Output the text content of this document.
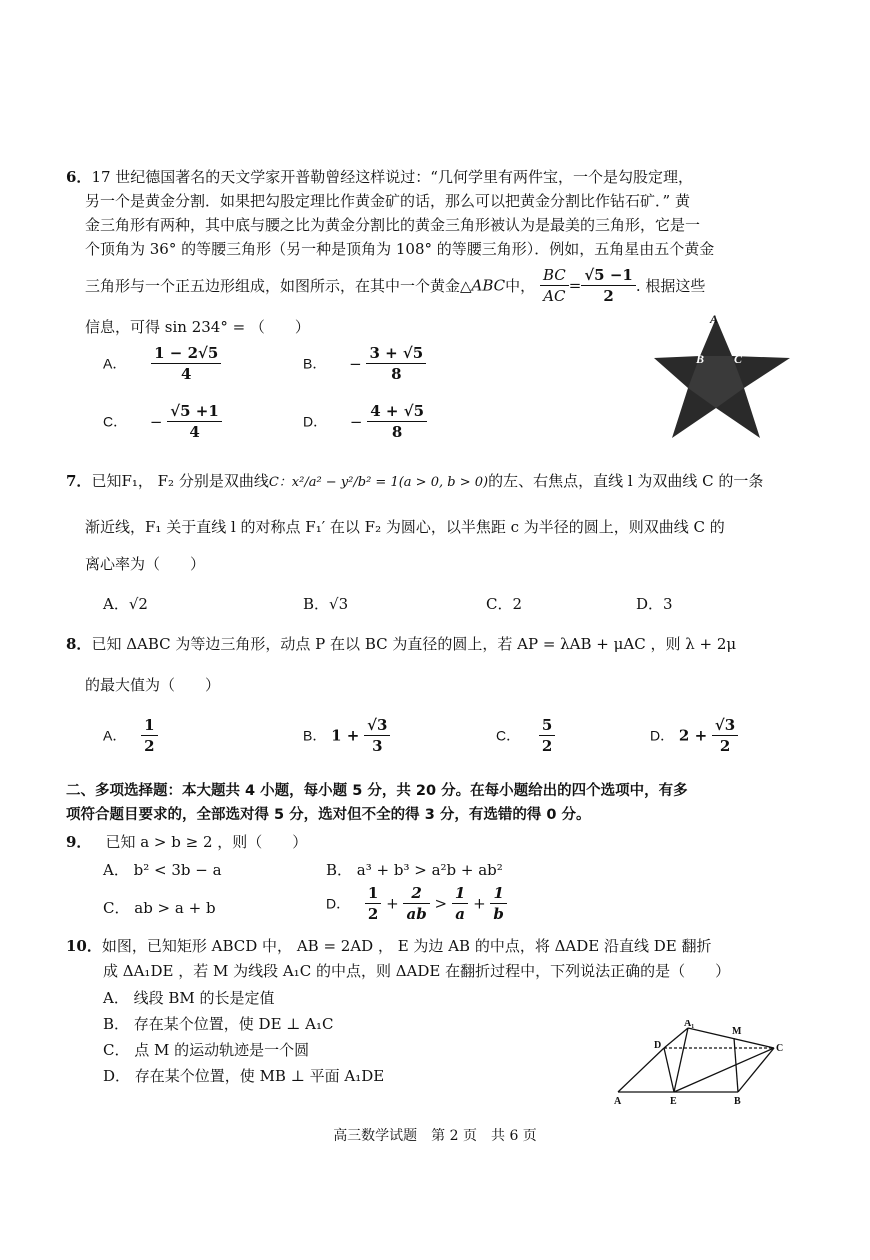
6．17 世纪德国著名的天文学家开普勒曾经这样说过：“几何学里有两件宝，一个是勾股定理，
另一个是黄金分割．如果把勾股定理比作黄金矿的话，那么可以把黄金分割比作钻石矿．” 黄
金三角形有两种，其中底与腰之比为黄金分割比的黄金三角形被认为是最美的三角形，它是一
个顶角为 36° 的等腰三角形（另一种是顶角为 108° 的等腰三角形）．例如，五角星由五个黄金
三角形与一个正五边形组成，如图所示，在其中一个黄金△ABC中， $\frac{BC}{AC} = \frac{√5 -1}{2}$ . 根据这些
信息，可得 sin 234° = （　　）
A． $\frac{1 - 2√5}{4}$	B． − $\frac{3 + √5}{8}$
C． − $\frac{√5 +1}{4}$	D． − $\frac{4 + √5}{8}$
A
B C
7．已知F₁， F₂ 分别是双曲线C：x²/a² − y²/b² = 1(a > 0, b > 0)的左、右焦点，直线 l 为双曲线 C 的一条
渐近线，F₁ 关于直线 l 的对称点 F₁′ 在以 F₂ 为圆心，以半焦距 c 为半径的圆上，则双曲线 C 的
离心率为（　　）
A．√2	B．√3	C．2	D．3
8．已知 ΔABC 为等边三角形，动点 P 在以 BC 为直径的圆上，若 AP = λAB + μAC ，则 λ + 2μ
的最大值为（　　）
A． $\frac{1}{2}$	B． $1 + \frac{√3}{3}$	C． $\frac{5}{2}$	D． $2 + \frac{√3}{2}$
二、多项选择题：本大题共 4 小题，每小题 5 分，共 20 分。在每小题给出的四个选项中，有多
项符合题目要求的，全部选对得 5 分，选对但不全的得 3 分，有选错的得 0 分。
9． 已知 a > b ≥ 2 ，则（　　）
A． b² < 3b − a	B． a³ + b³ > a²b + ab²
C． ab > a + b	D． $\frac{1}{2} + \frac{2}{ab} > \frac{1}{a} + \frac{1}{b}$
10．如图，已知矩形 ABCD 中， AB = 2AD ， E 为边 AB 的中点，将 ΔADE 沿直线 DE 翻折
成 ΔA₁DE ，若 M 为线段 A₁C 的中点，则 ΔADE 在翻折过程中，下列说法正确的是（　　）
A． 线段 BM 的长是定值
B． 存在某个位置，使 DE ⊥ A₁C
C． 点 M 的运动轨迹是一个圆
D． 存在某个位置，使 MB ⊥ 平面 A₁DE
A₁
M
D	C
A	E	B
高三数学试题　第 2 页　共 6 页
